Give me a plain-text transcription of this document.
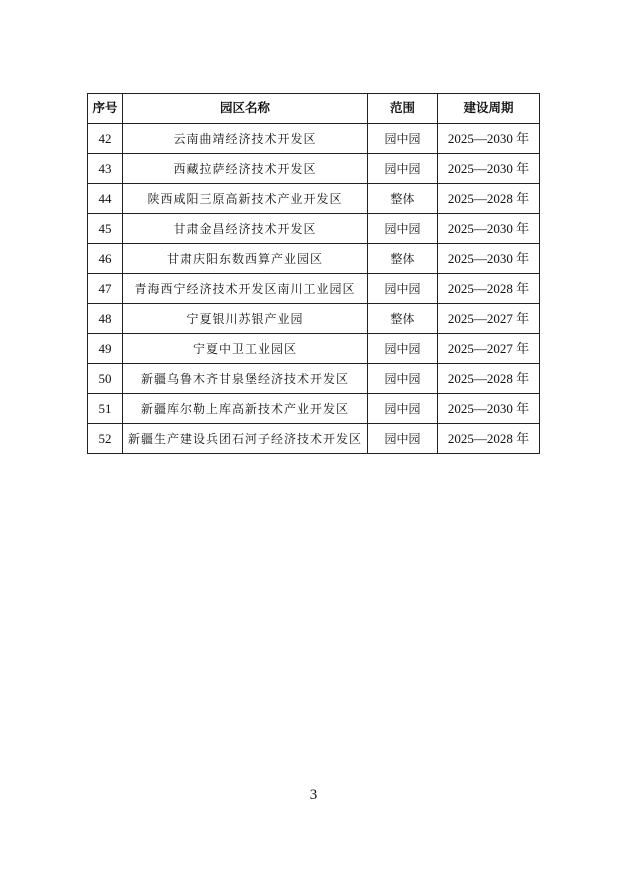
序号	园区名称	范围	建设周期
42	云南曲靖经济技术开发区	园中园	2025—2030 年
43	西藏拉萨经济技术开发区	园中园	2025—2030 年
44	陕西咸阳三原高新技术产业开发区	整体	2025—2028 年
45	甘肃金昌经济技术开发区	园中园	2025—2030 年
46	甘肃庆阳东数西算产业园区	整体	2025—2030 年
47	青海西宁经济技术开发区南川工业园区	园中园	2025—2028 年
48	宁夏银川苏银产业园	整体	2025—2027 年
49	宁夏中卫工业园区	园中园	2025—2027 年
50	新疆乌鲁木齐甘泉堡经济技术开发区	园中园	2025—2028 年
51	新疆库尔勒上库高新技术产业开发区	园中园	2025—2030 年
52	新疆生产建设兵团石河子经济技术开发区	园中园	2025—2028 年
3
